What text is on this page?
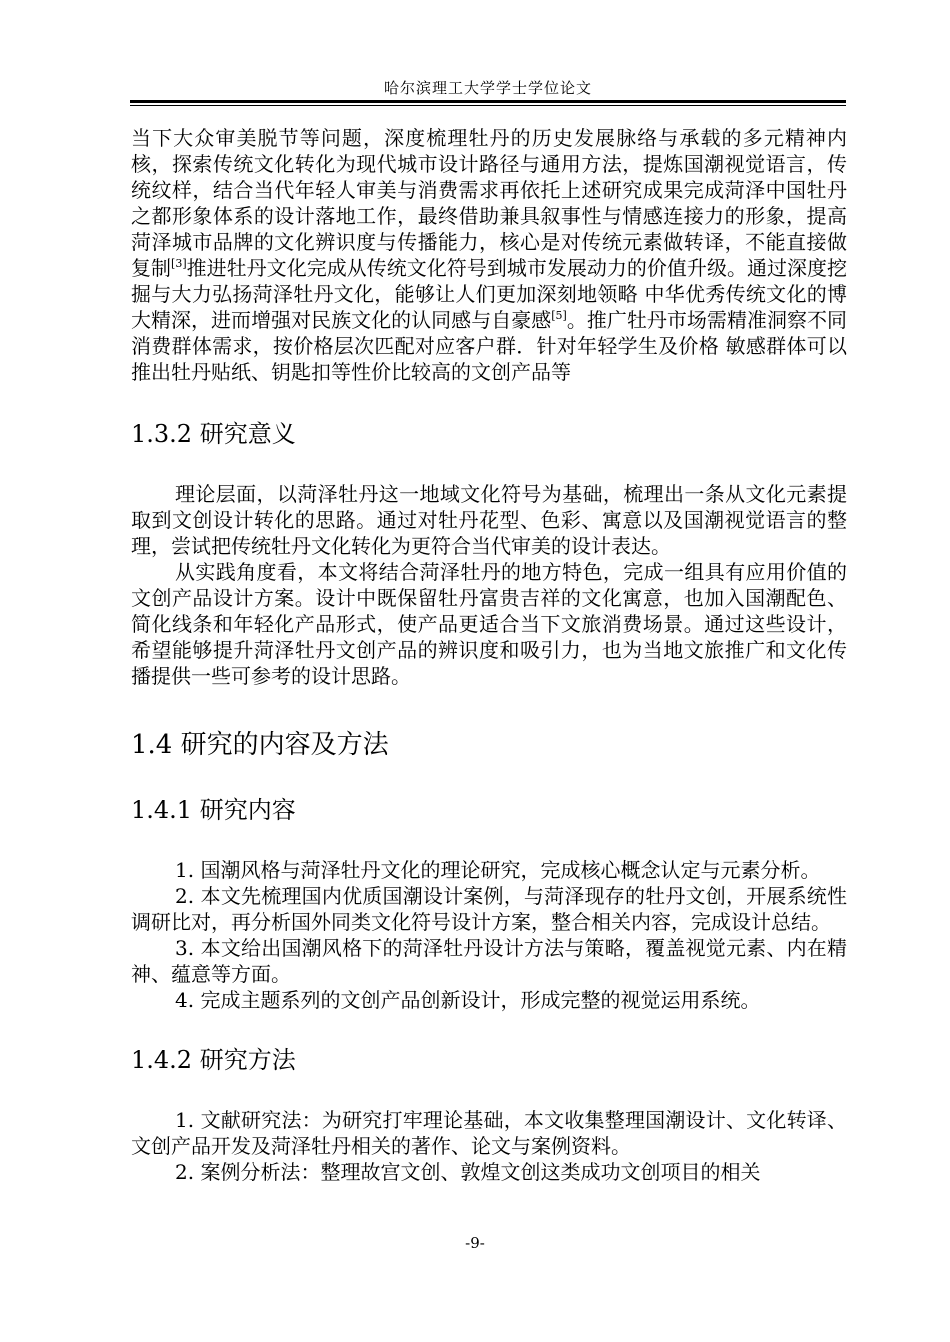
哈尔滨理工大学学士学位论文

当下大众审美脱节等问题，深度梳理牡丹的历史发展脉络与承载的多元精神内核，探索传统文化转化为现代城市设计路径与通用方法，提炼国潮视觉语言，传统纹样，结合当代年轻人审美与消费需求再依托上述研究成果完成菏泽中国牡丹之都形象体系的设计落地工作，最终借助兼具叙事性与情感连接力的形象，提高菏泽城市品牌的文化辨识度与传播能力，核心是对传统元素做转译，不能直接做复制[3]推进牡丹文化完成从传统文化符号到城市发展动力的价值升级。通过深度挖掘与大力弘扬菏泽牡丹文化，能够让人们更加深刻地领略 中华优秀传统文化的博大精深，进而增强对民族文化的认同感与自豪感[5]。推广牡丹市场需精准洞察不同消费群体需求，按价格层次匹配对应客户群．针对年轻学生及价格 敏感群体可以推出牡丹贴纸、钥匙扣等性价比较高的文创产品等

1.3.2 研究意义

理论层面，以菏泽牡丹这一地域文化符号为基础，梳理出一条从文化元素提取到文创设计转化的思路。通过对牡丹花型、色彩、寓意以及国潮视觉语言的整理，尝试把传统牡丹文化转化为更符合当代审美的设计表达。

从实践角度看，本文将结合菏泽牡丹的地方特色，完成一组具有应用价值的文创产品设计方案。设计中既保留牡丹富贵吉祥的文化寓意，也加入国潮配色、简化线条和年轻化产品形式，使产品更适合当下文旅消费场景。通过这些设计，希望能够提升菏泽牡丹文创产品的辨识度和吸引力，也为当地文旅推广和文化传播提供一些可参考的设计思路。

1.4 研究的内容及方法
1.4.1 研究内容

1. 国潮风格与菏泽牡丹文化的理论研究，完成核心概念认定与元素分析。

2. 本文先梳理国内优质国潮设计案例，与菏泽现存的牡丹文创，开展系统性调研比对，再分析国外同类文化符号设计方案，整合相关内容，完成设计总结。

3. 本文给出国潮风格下的菏泽牡丹设计方法与策略，覆盖视觉元素、内在精神、蕴意等方面。

4. 完成主题系列的文创产品创新设计，形成完整的视觉运用系统。

1.4.2 研究方法

1. 文献研究法：为研究打牢理论基础，本文收集整理国潮设计、文化转译、文创产品开发及菏泽牡丹相关的著作、论文与案例资料。

2. 案例分析法：整理故宫文创、敦煌文创这类成功文创项目的相关

-9-
